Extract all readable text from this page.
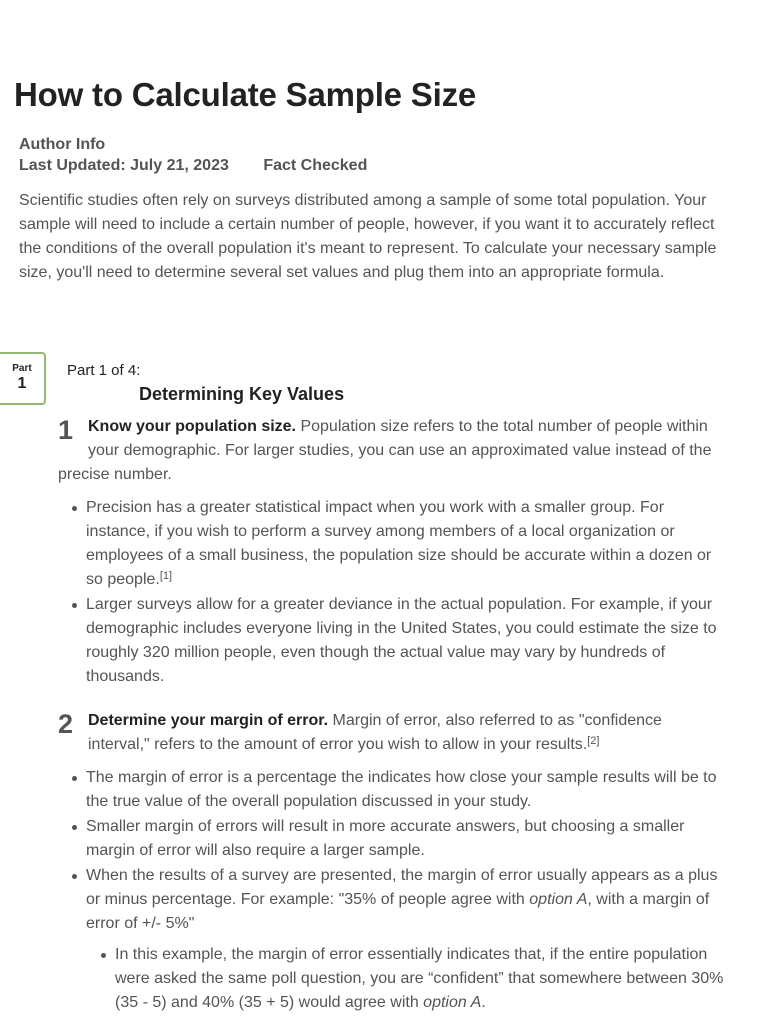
How to Calculate Sample Size
Author Info
Last Updated: July 21, 2023 Fact Checked

Scientific studies often rely on surveys distributed among a sample of some total population. Your sample will need to include a certain number of people, however, if you want it to accurately reflect the conditions of the overall population it's meant to represent. To calculate your necessary sample size, you'll need to determine several set values and plug them into an appropriate formula.

Part
1
Part 1 of 4:
Determining Key Values
1 Know your population size. Population size refers to the total number of people within your demographic. For larger studies, you can use an approximated value instead of the precise number.
Precision has a greater statistical impact when you work with a smaller group. For instance, if you wish to perform a survey among members of a local organization or employees of a small business, the population size should be accurate within a dozen or so people.[1]
Larger surveys allow for a greater deviance in the actual population. For example, if your demographic includes everyone living in the United States, you could estimate the size to roughly 320 million people, even though the actual value may vary by hundreds of thousands.
2 Determine your margin of error. Margin of error, also referred to as "confidence interval," refers to the amount of error you wish to allow in your results.[2]
The margin of error is a percentage the indicates how close your sample results will be to the true value of the overall population discussed in your study.
Smaller margin of errors will result in more accurate answers, but choosing a smaller margin of error will also require a larger sample.
When the results of a survey are presented, the margin of error usually appears as a plus or minus percentage. For example: "35% of people agree with option A, with a margin of error of +/- 5%"
In this example, the margin of error essentially indicates that, if the entire population were asked the same poll question, you are “confident” that somewhere between 30% (35 - 5) and 40% (35 + 5) would agree with option A.
